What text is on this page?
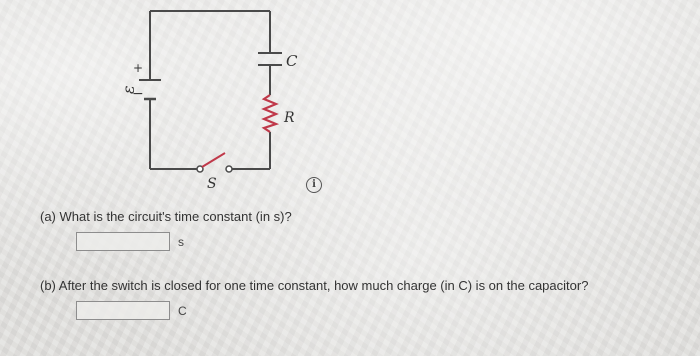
+
−
ε
C
R
S	i
(a) What is the circuit's time constant (in s)?
s
(b) After the switch is closed for one time constant, how much charge (in C) is on the capacitor?
C
